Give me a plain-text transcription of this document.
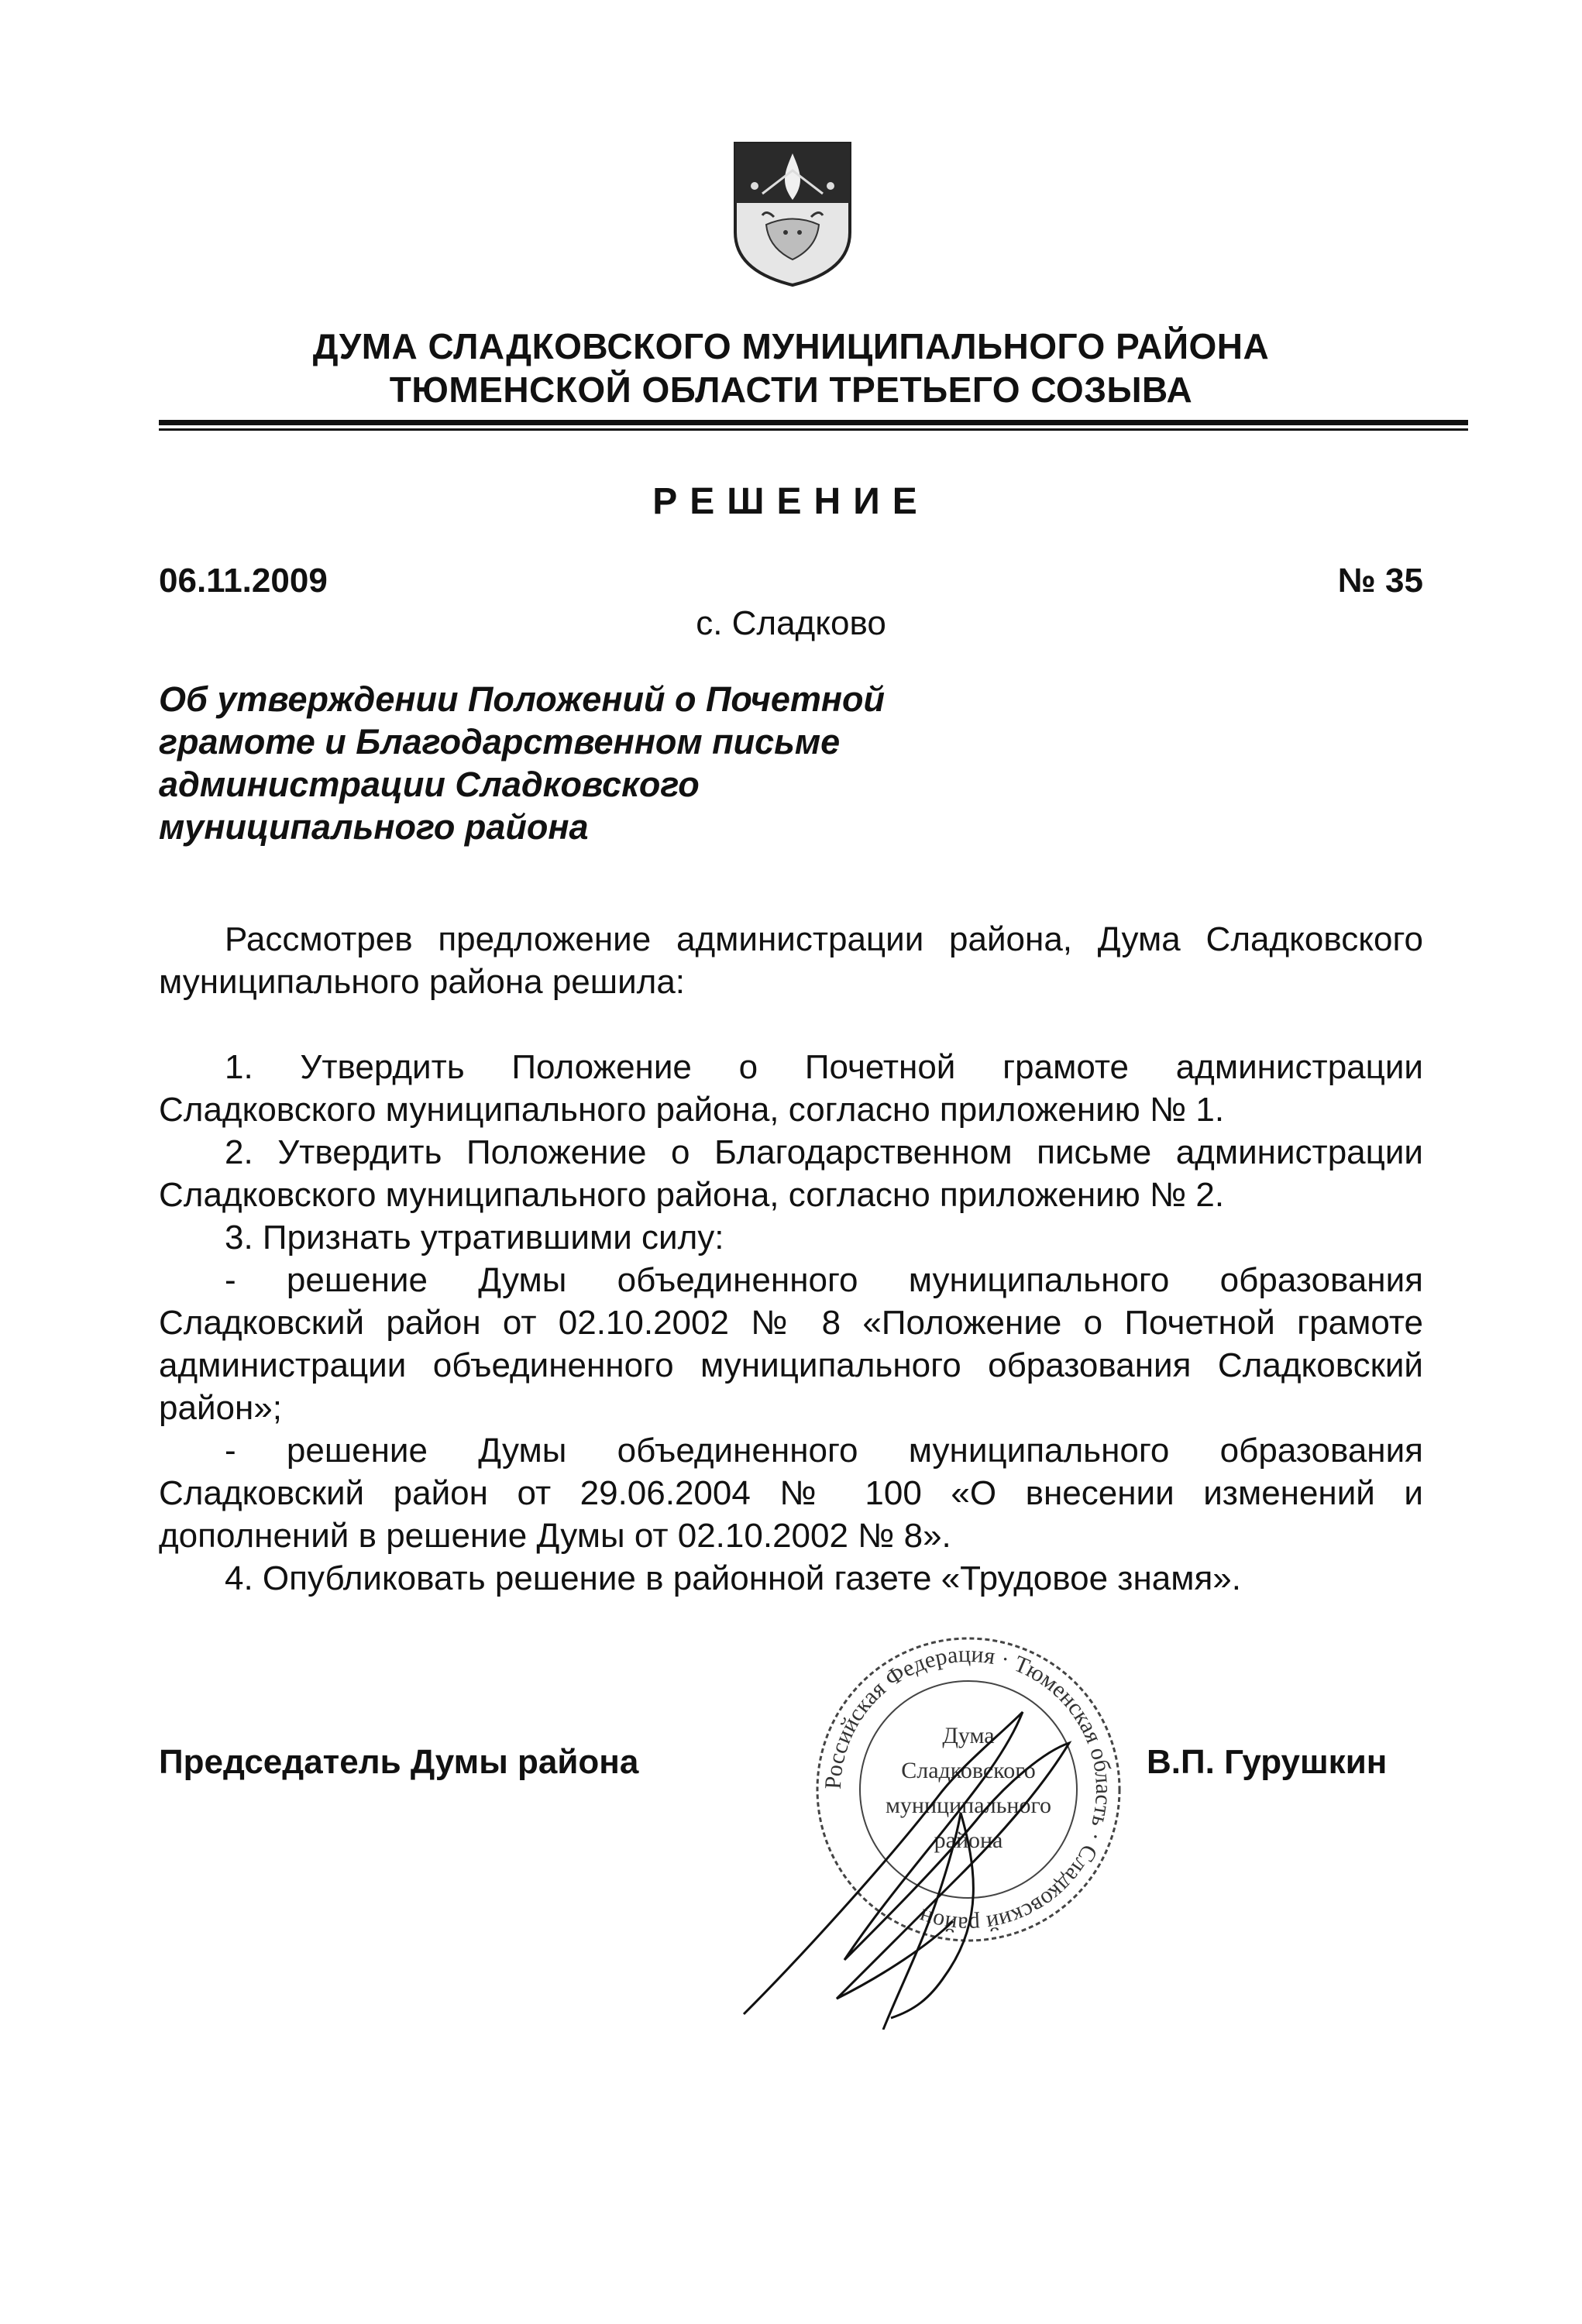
ДУМА СЛАДКОВСКОГО МУНИЦИПАЛЬНОГО РАЙОНА
ТЮМЕНСКОЙ ОБЛАСТИ ТРЕТЬЕГО СОЗЫВА
РЕШЕНИЕ
06.11.2009	№ 35
с. Сладково
Об утверждении Положений о Почетной грамоте и Благодарственном письме администрации Сладковского муниципального района

Рассмотрев предложение администрации района, Дума Сладковского муниципального района решила:

1. Утвердить Положение о Почетной грамоте администрации Сладковского муниципального района, согласно приложению № 1.

2. Утвердить Положение о Благодарственном письме администрации Сладковского муниципального района, согласно приложению № 2.

3. Признать утратившими силу:

- решение Думы объединенного муниципального образования Сладковский район от 02.10.2002 № 8 «Положение о Почетной грамоте администрации объединенного муниципального образования Сладковский район»;

- решение Думы объединенного муниципального образования Сладковский район от 29.06.2004 № 100 «О внесении изменений и дополнений в решение Думы от 02.10.2002 № 8».

4. Опубликовать решение в районной газете «Трудовое знамя».

Российская Федерация · Тюменская область · Сладковский район
Дума
Сладковского
муниципального
района
Председатель Думы района	В.П. Гурушкин
